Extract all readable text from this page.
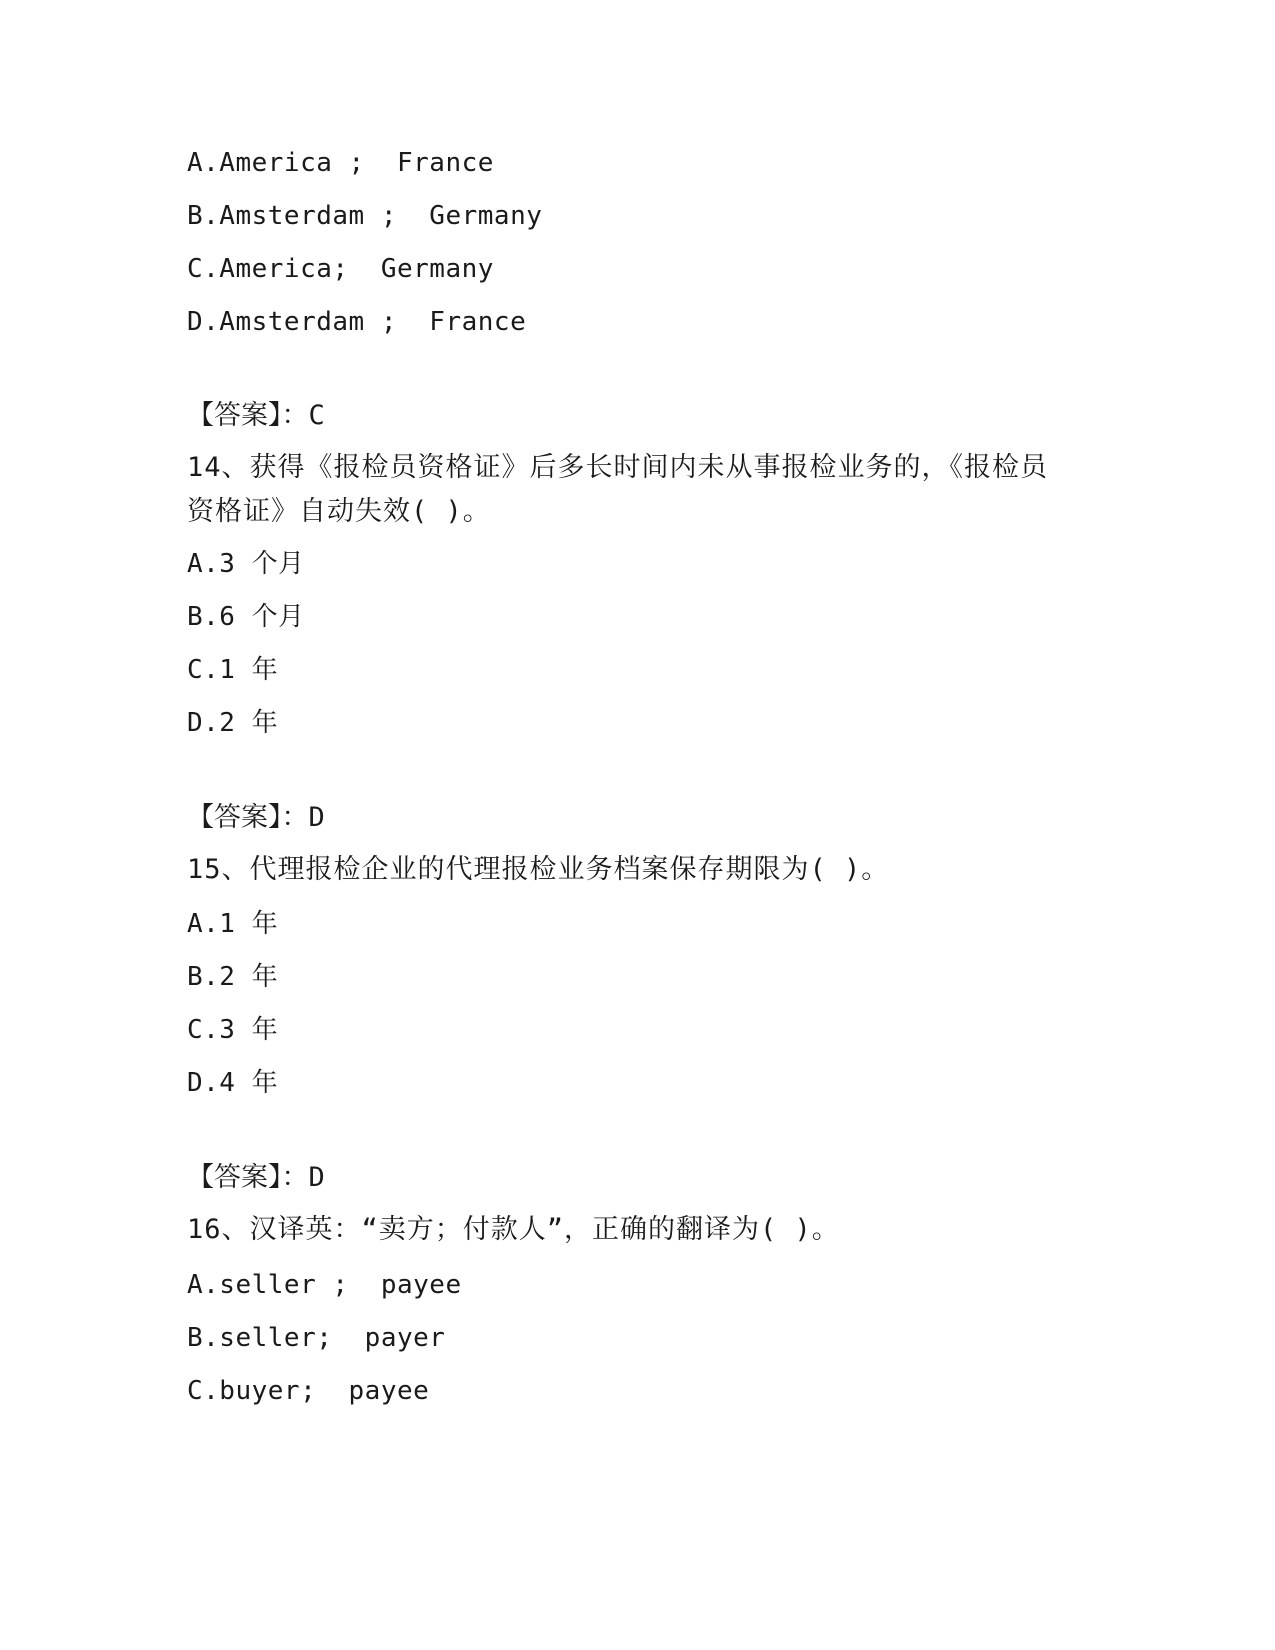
A.America ;  France
B.Amsterdam ;  Germany
C.America;  Germany
D.Amsterdam ;  France
【答案】：C
14、获得《报检员资格证》后多长时间内未从事报检业务的，《报检员资格证》自动失效( )。
A.3 个月
B.6 个月
C.1 年
D.2 年
【答案】：D
15、代理报检企业的代理报检业务档案保存期限为( )。
A.1 年
B.2 年
C.3 年
D.4 年
【答案】：D
16、汉译英：“卖方；付款人”，正确的翻译为( )。
A.seller ;  payee
B.seller;  payer
C.buyer;  payee
